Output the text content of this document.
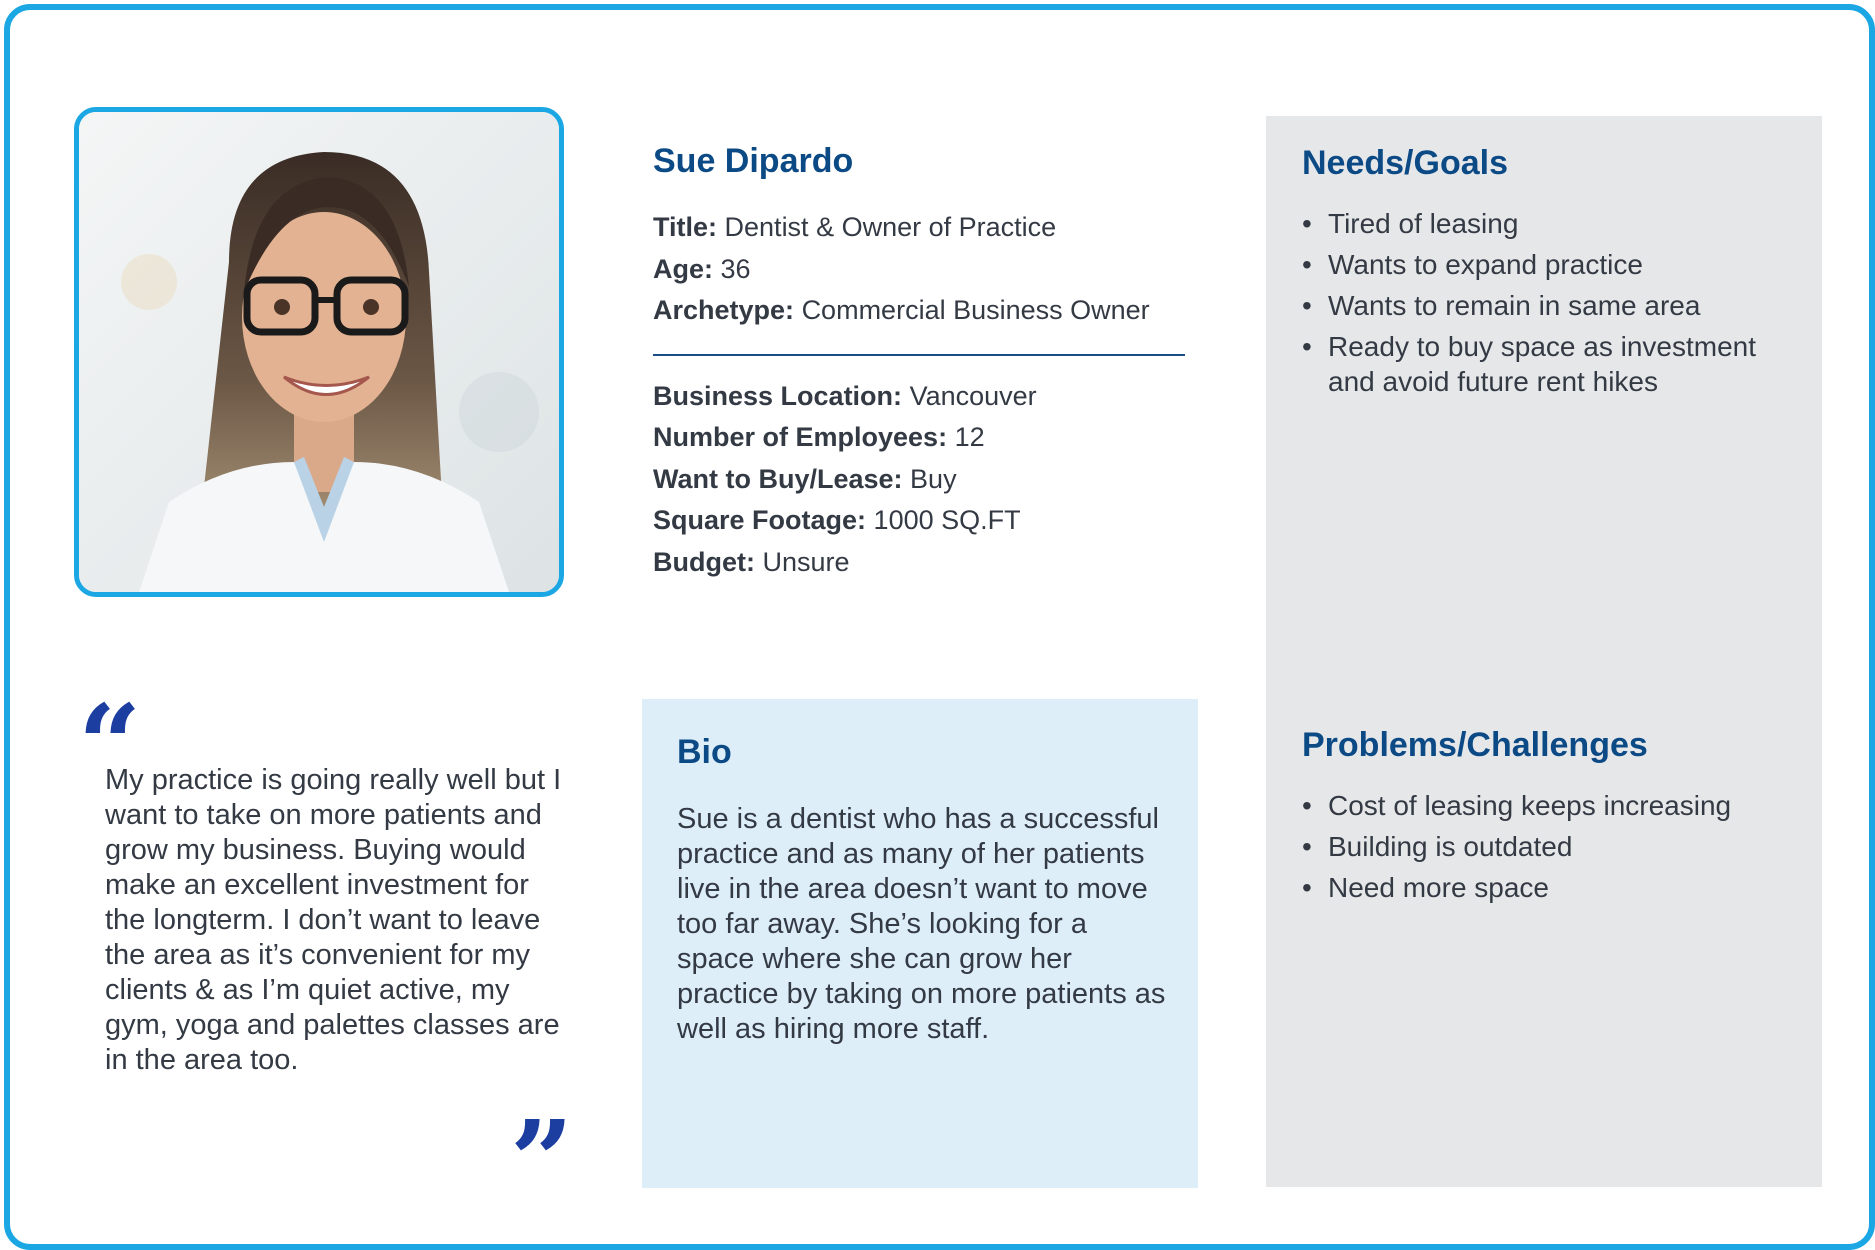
Sue Dipardo
Title: Dentist & Owner of Practice
Age: 36
Archetype: Commercial Business Owner
Business Location: Vancouver
Number of Employees: 12
Want to Buy/Lease: Buy
Square Footage: 1000 SQ.FT
Budget: Unsure
Needs/Goals
• Tired of leasing
• Wants to expand practice
• Wants to remain in same area
• Ready to buy space as investment and avoid future rent hikes
Problems/Challenges
• Cost of leasing keeps increasing
• Building is outdated
• Need more space
“

My practice is going really well but I want to take on more patients and grow my business. Buying would make an excellent investment for the longterm. I don’t want to leave the area as it’s convenient for my clients & as I’m quiet active, my gym, yoga and palettes classes are in the area too.

”
Bio

Sue is a dentist who has a successful practice and as many of her patients live in the area doesn’t want to move too far away. She’s looking for a space where she can grow her practice by taking on more patients as well as hiring more staff.
